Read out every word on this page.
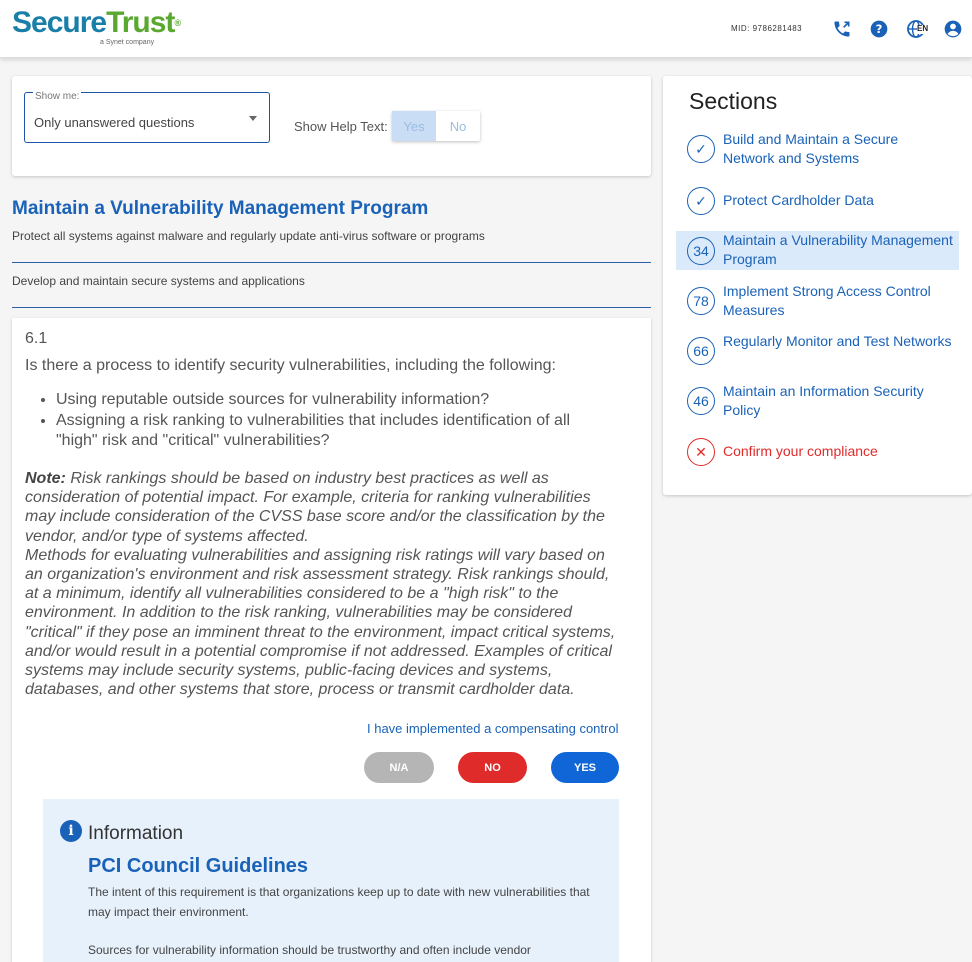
SecureTrust®
a Synet company
MID: 9786281483	?	EN
Show me:
Only unanswered questions	Show Help Text:	Yes	No
Maintain a Vulnerability Management Program
Protect all systems against malware and regularly update anti-virus software or programs
Develop and maintain secure systems and applications
6.1
Is there a process to identify security vulnerabilities, including the following:
• Using reputable outside sources for vulnerability information?
• Assigning a risk ranking to vulnerabilities that includes identification of all "high" risk and "critical" vulnerabilities?
Note: Risk rankings should be based on industry best practices as well as consideration of potential impact. For example, criteria for ranking vulnerabilities may include consideration of the CVSS base score and/or the classification by the vendor, and/or type of systems affected.
Methods for evaluating vulnerabilities and assigning risk ratings will vary based on an organization's environment and risk assessment strategy. Risk rankings should, at a minimum, identify all vulnerabilities considered to be a "high risk" to the environment. In addition to the risk ranking, vulnerabilities may be considered "critical" if they pose an imminent threat to the environment, impact critical systems, and/or would result in a potential compromise if not addressed. Examples of critical systems may include security systems, public-facing devices and systems, databases, and other systems that store, process or transmit cardholder data.
I have implemented a compensating control
N/A	NO	YES
i Information
PCI Council Guidelines
The intent of this requirement is that organizations keep up to date with new vulnerabilities that may impact their environment.
Sources for vulnerability information should be trustworthy and often include vendor
Sections
✓
Build and Maintain a Secure Network and Systems
✓	Protect Cardholder Data
34
Maintain a Vulnerability Management Program
78
Implement Strong Access Control Measures
66
Regularly Monitor and Test Networks
46
Maintain an Information Security Policy
✕	Confirm your compliance
